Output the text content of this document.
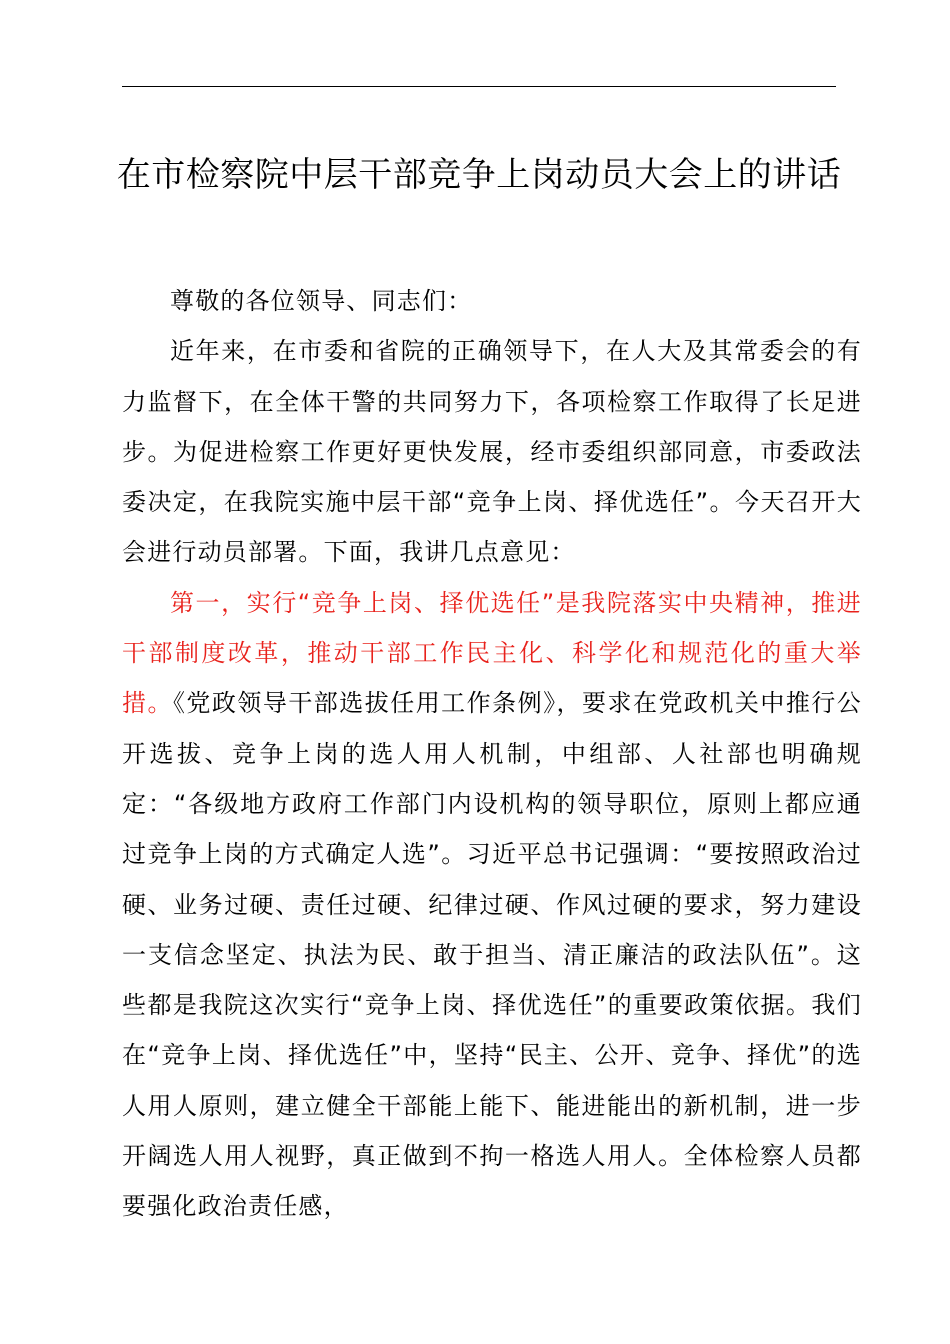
在市检察院中层干部竞争上岗动员大会上的讲话

尊敬的各位领导、同志们：

近年来，在市委和省院的正确领导下，在人大及其常委会的有力监督下，在全体干警的共同努力下，各项检察工作取得了长足进步。为促进检察工作更好更快发展，经市委组织部同意，市委政法委决定，在我院实施中层干部“竞争上岗、择优选任”。今天召开大会进行动员部署。下面，我讲几点意见：

第一，实行“竞争上岗、择优选任”是我院落实中央精神，推进干部制度改革，推动干部工作民主化、科学化和规范化的重大举措。《党政领导干部选拔任用工作条例》，要求在党政机关中推行公开选拔、竞争上岗的选人用人机制，中组部、人社部也明确规定：“各级地方政府工作部门内设机构的领导职位，原则上都应通过竞争上岗的方式确定人选”。习近平总书记强调：“要按照政治过硬、业务过硬、责任过硬、纪律过硬、作风过硬的要求，努力建设一支信念坚定、执法为民、敢于担当、清正廉洁的政法队伍”。这些都是我院这次实行“竞争上岗、择优选任”的重要政策依据。我们在“竞争上岗、择优选任”中，坚持“民主、公开、竞争、择优”的选人用人原则，建立健全干部能上能下、能进能出的新机制，进一步开阔选人用人视野，真正做到不拘一格选人用人。全体检察人员都要强化政治责任感，
